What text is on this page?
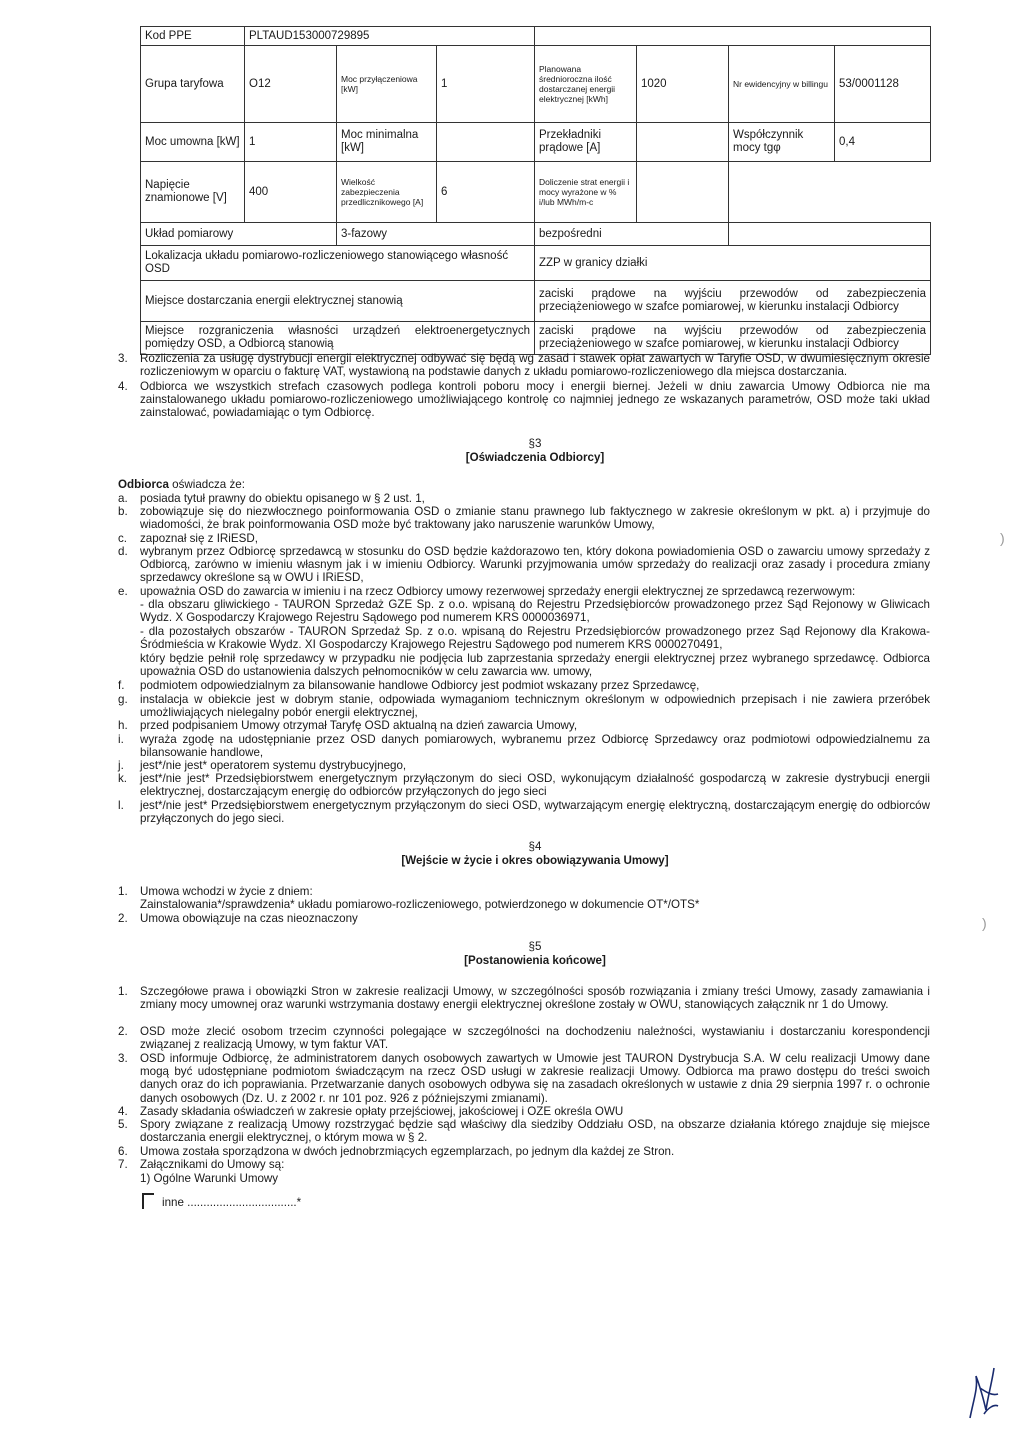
Kod PPE	PLTAUD153000729895						
Grupa taryfowa	O12	Moc przyłączeniowa [kW]	1	Planowana średnioroczna ilość dostarczanej energii elektrycznej [kWh]	1020	Nr ewidencyjny w billingu	53/0001128
Moc umowna [kW]	1	Moc minimalna [kW]		Przekładniki prądowe [A]		Współczynnik mocy tgφ	0,4
Napięcie znamionowe [V]	400	Wielkość zabezpieczenia przedlicznikowego [A]	6	Doliczenie strat energii i mocy wyrażone w % i/lub MWh/m-c			
Układ pomiarowy		3-fazowy		bezpośredni			
Lokalizacja układu pomiarowo-rozliczeniowego stanowiącego własność OSD				ZZP w granicy działki			
Miejsce dostarczania energii elektrycznej stanowią				zaciski prądowe na wyjściu przewodów od zabezpieczenia przeciążeniowego w szafce pomiarowej, w kierunku instalacji Odbiorcy			
Miejsce rozgraniczenia własności urządzeń elektroenergetycznych pomiędzy OSD, a Odbiorcą stanowią				zaciski prądowe na wyjściu przewodów od zabezpieczenia przeciążeniowego w szafce pomiarowej, w kierunku instalacji Odbiorcy			
3. Rozliczenia za usługę dystrybucji energii elektrycznej odbywać się będą wg zasad i stawek opłat zawartych w Taryfie OSD, w dwumiesięcznym okresie rozliczeniowym w oparciu o fakturę VAT, wystawioną na podstawie danych z układu pomiarowo-rozliczeniowego dla miejsca dostarczania.
4. Odbiorca we wszystkich strefach czasowych podlega kontroli poboru mocy i energii biernej. Jeżeli w dniu zawarcia Umowy Odbiorca nie ma zainstalowanego układu pomiarowo-rozliczeniowego umożliwiającego kontrolę co najmniej jednego ze wskazanych parametrów, OSD może taki układ zainstalować, powiadamiając o tym Odbiorcę.
§3
[Oświadczenia Odbiorcy]
Odbiorca oświadcza że:
a. posiada tytuł prawny do obiektu opisanego w § 2 ust. 1,
b. zobowiązuje się do niezwłocznego poinformowania OSD o zmianie stanu prawnego lub faktycznego w zakresie określonym w pkt. a) i przyjmuje do wiadomości, że brak poinformowania OSD może być traktowany jako naruszenie warunków Umowy,
c. zapoznał się z IRiESD,
d. wybranym przez Odbiorcę sprzedawcą w stosunku do OSD będzie każdorazowo ten, który dokona powiadomienia OSD o zawarciu umowy sprzedaży z Odbiorcą, zarówno w imieniu własnym jak i w imieniu Odbiorcy. Warunki przyjmowania umów sprzedaży do realizacji oraz zasady i procedura zmiany sprzedawcy określone są w OWU i IRiESD,
e. upoważnia OSD do zawarcia w imieniu i na rzecz Odbiorcy umowy rezerwowej sprzedaży energii elektrycznej ze sprzedawcą rezerwowym:
- dla obszaru gliwickiego - TAURON Sprzedaż GZE Sp. z o.o. wpisaną do Rejestru Przedsiębiorców prowadzonego przez Sąd Rejonowy w Gliwicach Wydz. X Gospodarczy Krajowego Rejestru Sądowego pod numerem KRS 0000036971,
- dla pozostałych obszarów - TAURON Sprzedaż Sp. z o.o. wpisaną do Rejestru Przedsiębiorców prowadzonego przez Sąd Rejonowy dla Krakowa-Śródmieścia w Krakowie Wydz. XI Gospodarczy Krajowego Rejestru Sądowego pod numerem KRS 0000270491,
który będzie pełnił rolę sprzedawcy w przypadku nie podjęcia lub zaprzestania sprzedaży energii elektrycznej przez wybranego sprzedawcę. Odbiorca upoważnia OSD do ustanowienia dalszych pełnomocników w celu zawarcia ww. umowy,
f. podmiotem odpowiedzialnym za bilansowanie handlowe Odbiorcy jest podmiot wskazany przez Sprzedawcę,
g. instalacja w obiekcie jest w dobrym stanie, odpowiada wymaganiom technicznym określonym w odpowiednich przepisach i nie zawiera przeróbek umożliwiających nielegalny pobór energii elektrycznej,
h. przed podpisaniem Umowy otrzymał Taryfę OSD aktualną na dzień zawarcia Umowy,
i. wyraża zgodę na udostępnianie przez OSD danych pomiarowych, wybranemu przez Odbiorcę Sprzedawcy oraz podmiotowi odpowiedzialnemu za bilansowanie handlowe,
j. jest*/nie jest* operatorem systemu dystrybucyjnego,
k. jest*/nie jest* Przedsiębiorstwem energetycznym przyłączonym do sieci OSD, wykonującym działalność gospodarczą w zakresie dystrybucji energii elektrycznej, dostarczającym energię do odbiorców przyłączonych do jego sieci
l. jest*/nie jest* Przedsiębiorstwem energetycznym przyłączonym do sieci OSD, wytwarzającym energię elektryczną, dostarczającym energię do odbiorców przyłączonych do jego sieci.
§4
[Wejście w życie i okres obowiązywania Umowy]
1. Umowa wchodzi w życie z dniem:
Zainstalowania*/sprawdzenia* układu pomiarowo-rozliczeniowego, potwierdzonego w dokumencie OT*/OTS*
2. Umowa obowiązuje na czas nieoznaczony
§5
[Postanowienia końcowe]
1. Szczegółowe prawa i obowiązki Stron w zakresie realizacji Umowy, w szczególności sposób rozwiązania i zmiany treści Umowy, zasady zamawiania i zmiany mocy umownej oraz warunki wstrzymania dostawy energii elektrycznej określone zostały w OWU, stanowiących załącznik nr 1 do Umowy.
2. OSD może zlecić osobom trzecim czynności polegające w szczególności na dochodzeniu należności, wystawianiu i dostarczaniu korespondencji związanej z realizacją Umowy, w tym faktur VAT.
3. OSD informuje Odbiorcę, że administratorem danych osobowych zawartych w Umowie jest TAURON Dystrybucja S.A. W celu realizacji Umowy dane mogą być udostępniane podmiotom świadczącym na rzecz OSD usługi w zakresie realizacji Umowy. Odbiorca ma prawo dostępu do treści swoich danych oraz do ich poprawiania. Przetwarzanie danych osobowych odbywa się na zasadach określonych w ustawie z dnia 29 sierpnia 1997 r. o ochronie danych osobowych (Dz. U. z 2002 r. nr 101 poz. 926 z późniejszymi zmianami).
4. Zasady składania oświadczeń w zakresie opłaty przejściowej, jakościowej i OZE określa OWU
5. Spory związane z realizacją Umowy rozstrzygać będzie sąd właściwy dla siedziby Oddziału OSD, na obszarze działania którego znajduje się miejsce dostarczania energii elektrycznej, o którym mowa w § 2.
6. Umowa została sporządzona w dwóch jednobrzmiących egzemplarzach, po jednym dla każdej ze Stron.
7. Załącznikami do Umowy są:
1) Ogólne Warunki Umowy
inne ..................................*
)
)
